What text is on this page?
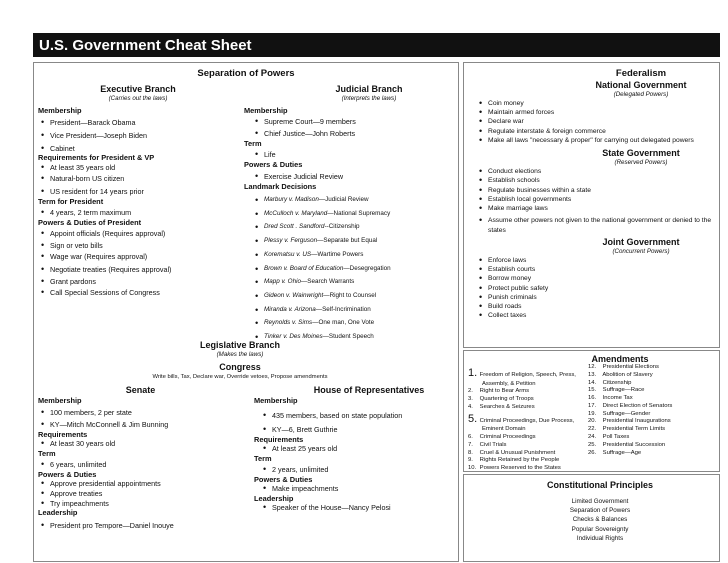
U.S. Government Cheat Sheet
Separation of Powers
Executive Branch
(Carries out the laws)
Membership
• President—Barack Obama
• Vice President—Joseph Biden
• Cabinet
Requirements for President & VP
• At least 35 years old
• Natural-born US citizen
• US resident for 14 years prior
Term for President
• 4 years, 2 term maximum
Powers & Duties of President
• Appoint officials (Requires approval)
• Sign or veto bills
• Wage war (Requires approval)
• Negotiate treaties (Requires approval)
• Grant pardons
• Call Special Sessions of Congress
Judicial Branch
(Interprets the laws)
Membership
• Supreme Court—9 members
• Chief Justice—John Roberts
Term
• Life
Powers & Duties
• Exercise Judicial Review
Landmark Decisions
• Marbury v. Madison—Judicial Review
• McCulloch v. Maryland—National Supremacy
• Dred Scott . Sandford--Citizenship
• Plessy v. Ferguson—Separate but Equal
• Korematsu v. US—Wartime Powers
• Brown v. Board of Education—Desegregation
• Mapp v. Ohio—Search Warrants
• Gideon v. Wainwright—Right to Counsel
• Miranda v. Arizona—Self-Incrimination
• Reynolds v. Sims—One man, One Vote
• Tinker v. Des Moines—Student Speech
Legislative Branch
(Makes the laws)
Congress
Write bills, Tax, Declare war, Override vetoes, Propose amendments
Senate
Membership
• 100 members, 2 per state
• KY—Mitch McConnell & Jim Bunning
Requirements
• At least 30 years old
Term
• 6 years, unlimited
Powers & Duties
• Approve presidential appointments
• Approve treaties
• Try impeachments
Leadership
• President pro Tempore—Daniel Inouye
House of Representatives
Membership
• 435 members, based on state population
• KY—6, Brett Guthrie
Requirements
• At least 25 years old
Term
• 2 years, unlimited
Powers & Duties
• Make impeachments
Leadership
• Speaker of the House—Nancy Pelosi
Federalism
National Government
(Delegated Powers)
• Coin money
• Maintain armed forces
• Declare war
• Regulate interstate & foreign commerce
• Make all laws "necessary & proper" for carrying out delegated powers
State Government
(Reserved Powers)
• Conduct elections
• Establish schools
• Regulate businesses within a state
• Establish local governments
• Make marriage laws
• Assume other powers not given to the national government or denied to the states
Joint Government
(Concurrent Powers)
• Enforce laws
• Establish courts
• Borrow money
• Protect public safety
• Punish criminals
• Build roads
• Collect taxes
Amendments
1. Freedom of Religion, Speech, Press,
Assembly, & Petition
2. Right to Bear Arms
3. Quartering of Troops
4. Searches & Seizures
5. Criminal Proceedings, Due Process,
Eminent Domain
6. Criminal Proceedings
7. Civil Trials
8. Cruel & Unusual Punishment
9. Rights Retained by the People
10. Powers Reserved to the States
12. Presidential Elections
13. Abolition of Slavery
14. Citizenship
15. Suffrage—Race
16. Income Tax
17. Direct Election of Senators
19. Suffrage—Gender
20. Presidential Inaugurations
22. Presidential Term Limits
24. Poll Taxes
25. Presidential Succession
26. Suffrage—Age
Constitutional Principles
Limited Government
Separation of Powers
Checks & Balances
Popular Sovereignty
Individual Rights
